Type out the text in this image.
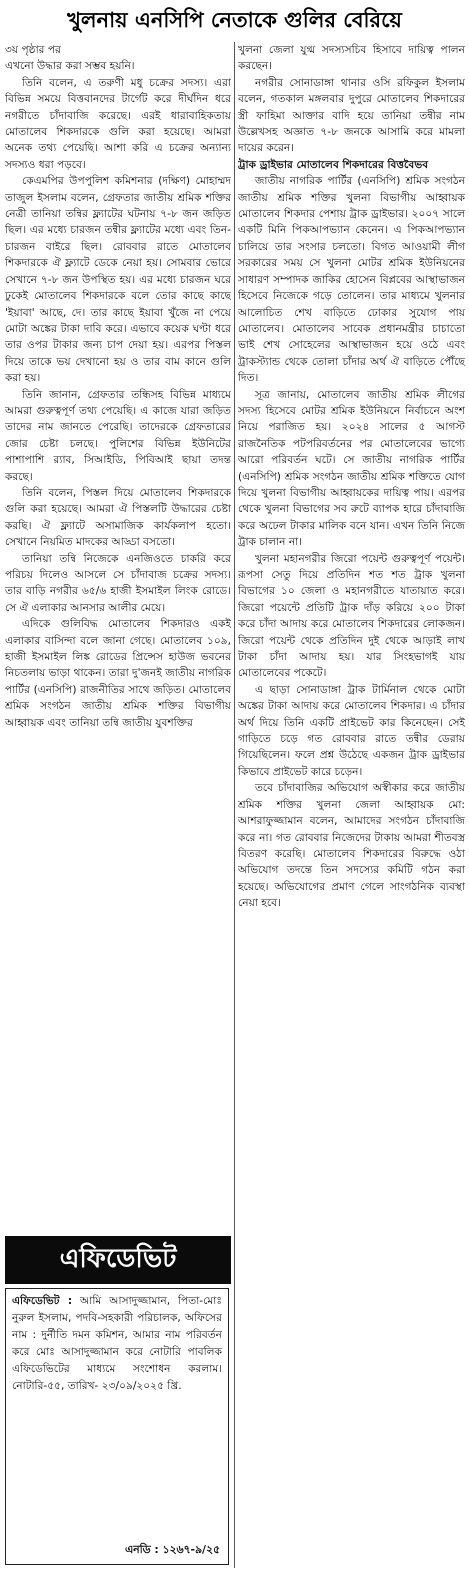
খুলনায় এনসিপি নেতাকে গুলির বেরিয়ে

৩য় পৃষ্ঠার পর

এখনো উদ্ধার করা সম্ভব হয়নি।

তিনি বলেন, এ তরুণী মধু চক্রের সদস্য। এরা বিভিন্ন সময়ে বিত্তবানদের টার্গেট করে দীর্ঘদিন ধরে নগরীতে চাঁদাবাজি করেছে। এরই ধারাবাহিকতায় মোতালেব শিকদারকে গুলি করা হয়েছে। আমরা অনেক তথ্য পেয়েছি। আশা করি এ চক্রের অন্যান্য সদস্যও ধরা পড়বে।

কেএমপির উপপুলিশ কমিশনার (দক্ষিণ) মোহাম্মদ তাজুল ইসলাম বলেন, গ্রেফতার জাতীয় শ্রমিক শক্তির নেত্রী তানিয়া তন্বির ফ্ল্যাটের ঘটনায় ৭-৮ জন জড়িত ছিল। এর মধ্যে চারজন তন্বীর ফ্ল্যাটের মধ্যে এবং তিন-চারজন বাইরে ছিল। রোববার রাতে মোতালেব শিকদারকে ঐ ফ্ল্যাটে ডেকে নেয়া হয়। সোমবার ভোরে সেখানে ৭-৮ জন উপস্থিত হয়। এর মধ্যে চারজন ঘরে ঢুকেই মোতালেব শিকদারকে বলে তোর কাছে কাছে 'ইয়াবা' আছে, দে। তার কাছে ইয়াবা খুঁজে না পেয়ে মোটা অঙ্কের টাকা দাবি করে। এভাবে কয়েক ঘণ্টা ধরে তার ওপর টাকার জন্য চাপ দেয়া হয়। এরপর পিস্তল দিয়ে তাকে ভয় দেখানো হয় ও তার বাম কানে গুলি করা হয়।

তিনি জানান, গ্রেফতার তন্ধিসহ বিভিন্ন মাধ্যমে আমরা গুরুত্বপূর্ণ তথ্য পেয়েছি। এ কাজে যারা জড়িত তাদের নাম জানতে পেরেছি। তাদেরকে গ্রেফতারের জোর চেষ্টা চলছে। পুলিশের বিভিন্ন ইউনিটের পাশাপাশি র‍্যাব, সিআইডি, পিবিআই ছায়া তদন্ত করছে।

তিনি বলেন, পিস্তল দিয়ে মোতালেব শিকদারকে গুলি করা হয়েছে। আমরা ঐ পিস্তলটি উদ্ধারের চেষ্টা করছি। ঐ ফ্ল্যাটে অসামাজিক কার্যকলাপ হতো। সেখানে নিয়মিত মাদকের আড্ডা বসতো।

তানিয়া তন্বি নিজেকে এনজিওতে চাকরি করে পরিচয় দিলেও আসলে সে চাঁদাবাজ চক্রের সদস্য। তার বাড়ি নগরীর ৬৫/৬ হাজী ইসমাইল লিংক রোডে। সে ঐ এলাকার আনসার আলীর মেয়ে।

এদিকে গুলিবিদ্ধ মোতালেব শিকদারও একই এলাকার বাসিন্দা বলে জানা গেছে। মোতালেব ১০৯, হাজী ইসমাইল লিঙ্ক রোডের প্রিন্সেস হাউজ ভবনের নিচতলায় ভাড়া থাকেন। তারা দু'জনই জাতীয় নাগরিক পার্টির (এনসিপি) রাজনীতির সাথে জড়িত। মোতালেব শ্রমিক সংগঠন জাতীয় শ্রমিক শক্তির বিভাগীয় আহ্বায়ক এবং তানিয়া তন্বি জাতীয় যুবশক্তির

খুলনা জেলা যুগ্ম সদস্যসচিব হিসাবে দায়িত্ব পালন করছেন।

নগরীর সোনাডাঙ্গা থানার ওসি রফিকুল ইসলাম বলেন, গতকাল মঙ্গলবার দুপুরে মোতালেব শিকদারের স্ত্রী ফাহিমা আক্তার বাদি হয়ে তানিয়া তন্বীর নাম উল্লেখসহ অজ্ঞাত ৭-৮ জনকে আসামি করে মামলা দায়ের করেন।

ট্রাক ড্রাইভার মোতালেব শিকদারের বিত্তবৈভব

জাতীয় নাগরিক পার্টির (এনসিপি) শ্রমিক সংগঠন জাতীয় শ্রমিক শক্তির খুলনা বিভাগীয় আহ্বায়ক মোতালেব শিকদার পেশায় ট্রাক ড্রাইভার। ২০০৭ সালে একটি মিনি পিকআপভ্যান কেনেন। এ পিকআপভ্যান চালিয়ে তার সংসার চলতো। বিগত আওয়ামী লীগ সরকারের সময় সে খুলনা মোটর শ্রমিক ইউনিয়নের সাধারণ সম্পাদক জাকির হোসেন বিপ্লবের আস্থাভাজন হিসেবে নিজেকে গড়ে তোলেন। তার মাধ্যমে খুলনার আলোচিত শেখ বাড়িতে ঢোকার সুযোগ পায় মোতালেব। মোতালেব সাবেক প্রধানমন্ত্রীর চাচাতো ভাই শেখ সোহেলের আস্থাভাজন হয়ে ওঠে এবং ট্রাকস্ট্যান্ড থেকে তোলা চাঁদার অর্থ ঐ বাড়িতে পৌঁছে দিত।

সূত্র জানায়, মোতালেব জাতীয় শ্রমিক লীগের সদস্য হিসেবে মোটর শ্রমিক ইউনিয়নে নির্বাচনে অংশ নিয়ে পরাজিত হয়। ২০২৪ সালের ৫ আগস্ট রাজনৈতিক পটপরিবর্তনের পর মোতালেবের ভাগ্যে আরো পরিবর্তন ঘটে। সে জাতীয় নাগরিক পার্টির (এনসিপি) শ্রমিক সংগঠন জাতীয় শ্রমিক শক্তিতে যোগ দিয়ে খুলনা বিভাগীয় আহ্বায়কের দায়িত্ব পায়। এরপর থেকে খুলনা বিভাগের সব রুটে ব্যাপক হারে চাঁদাবাজি করে অঢেল টাকার মালিক বনে যান। এখন তিনি নিজে ট্রাক চালান না।

খুলনা মহানগরীর জিরো পয়েন্ট গুরুত্বপূর্ণ পয়েন্ট। রূপসা সেতু দিয়ে প্রতিদিন শত শত ট্রাক খুলনা বিভাগের ১০ জেলা ও মহানগরীতে যাতায়াত করে। জিরো পয়েন্টে প্রতিটি ট্রাক দাঁড় করিয়ে ২০০ টাকা করে চাঁদা আদায় করে মোতালেব শিকদারের লোকজন। জিরো পয়েন্ট থেকে প্রতিদিন দুই থেকে আড়াই লাখ টাকা চাঁদা আদায় হয়। যার সিংহভাগই যায় মোতালেবের পকেটে।

এ ছাড়া সোনাডাঙ্গা ট্রাক টার্মিনাল থেকে মোটা অঙ্কের টাকা আদায় করে মোতালেব শিকদার। এ চাঁদার অর্থ দিয়ে তিনি একটি প্রাইভেট কার কিনেছেন। সেই গাড়িতে চড়ে গত রোববার রাতে তন্বীর ডেরায় গিয়েছিলেন। ফলে প্রশ্ন উঠেছে একজন ট্রাক ড্রাইভার কিভাবে প্রাইভেট কারে চড়েন।

তবে চাঁদাবাজির অভিযোগ অস্বীকার করে জাতীয় শ্রমিক শক্তির খুলনা জেলা আহ্বায়ক মো: আশরাফুজ্জামান বলেন, আমাদের সংগঠন চাঁদাবাজি করে না। গত রোববার নিজেদের টাকায় আমরা শীতবস্ত্র বিতরণ করেছি। মোতালেব শিকদারের বিরুদ্ধে ওঠা অভিযোগ তদন্তে তিন সদস্যের কমিটি গঠন করা হয়েছে। অভিযোগের প্রমাণ গেলে সাংগঠনিক ব্যবস্থা নেয়া হবে।

এফিডেভিট
এফিডেভিট : আমি আসাদুজ্জামান, পিতা-মোঃ নুরুল ইসলাম, পদবি-সহকারী পরিচালক, অফিসের নাম : দুর্নীতি দমন কমিশন, আমার নাম পরিবর্তন করে মোঃ আসাদুজ্জামান করে নোটারি পাবলিক এফিডেভিটের মাধ্যমে সংশোধন করলাম। নোটারি-৫৫, তারিখ- ২৩/০৯/২০২৫ খ্রি.
এনডি : ১২৬৭-৯/২৫
